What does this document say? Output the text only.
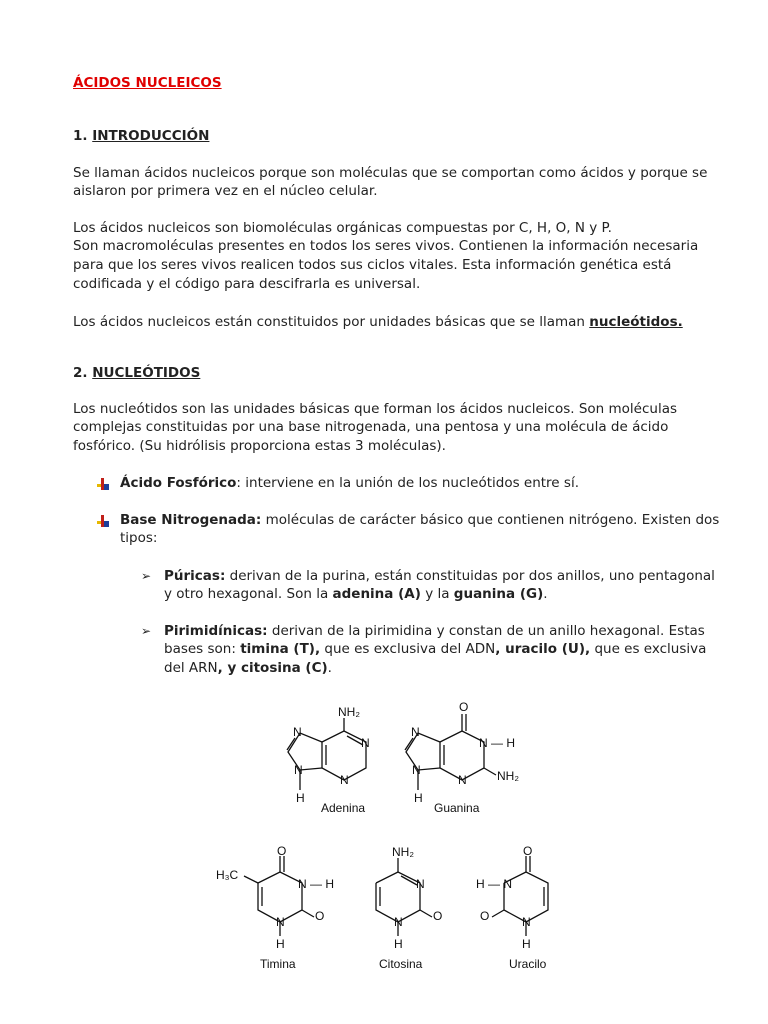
ÁCIDOS NUCLEICOS
1. INTRODUCCIÓN
Se llaman ácidos nucleicos porque son moléculas que se comportan como ácidos y porque se
aislaron por primera vez en el núcleo celular.
Los ácidos nucleicos son biomoléculas orgánicas compuestas por C, H, O, N y P.
Son macromoléculas presentes en todos los seres vivos. Contienen la información necesaria
para que los seres vivos realicen todos sus ciclos vitales. Esta información genética está
codificada y el código para descifrarla es universal.
Los ácidos nucleicos están constituidos por unidades básicas que se llaman nucleótidos.
2. NUCLEÓTIDOS
Los nucleótidos son las unidades básicas que forman los ácidos nucleicos. Son moléculas
complejas constituidas por una base nitrogenada, una pentosa y una molécula de ácido
fosfórico. (Su hidrólisis proporciona estas 3 moléculas).
Ácido Fosfórico: interviene en la unión de los nucleótidos entre sí.
Base Nitrogenada: moléculas de carácter básico que contienen nitrógeno. Existen dos
tipos:
➢ Púricas: derivan de la purina, están constituidas por dos anillos, uno pentagonal
y otro hexagonal. Son la adenina (A) y la guanina (G).
➢ Pirimidínicas: derivan de la pirimidina y constan de un anillo hexagonal. Estas
bases son: timina (T), que es exclusiva del ADN, uracilo (U), que es exclusiva
del ARN, y citosina (C).
NH₂
N
N
N
N
H
Adenina
O
N
N — H
N
N	NH₂
H
Guanina
O
H₃C
N — H
N	O
H
Timina
NH₂
N
N	O
H
Citosina
O
H — N
N
O
H
Uracilo
